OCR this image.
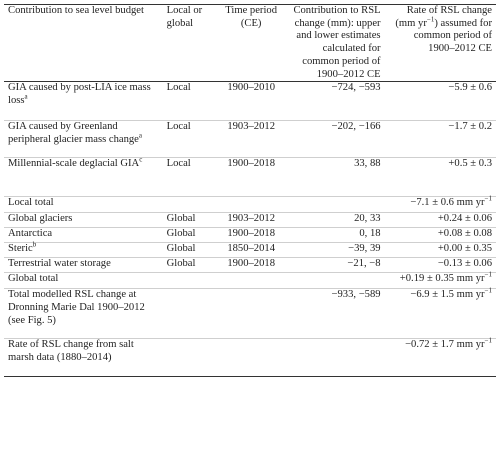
Contribution to sea level budget	Local or global	Time period (CE)	Contribution to RSL change (mm): upper and lower estimates calculated for common period of 1900–2012 CE	Rate of RSL change (mm $yr^{-1}$) assumed for common period of 1900–2012 CE
GIA caused by post-LIA ice mass loss$^a$	Local	1900–2010	−724, −593	−5.9 ± 0.6
GIA caused by Greenland peripheral glacier mass change$^a$	Local	1903–2012	−202, −166	−1.7 ± 0.2
Millennial-scale deglacial GIA$^c$	Local	1900–2018	33, 88	+0.5 ± 0.3
Local total				−7.1 ± 0.6 mm $yr^{-1}$
Global glaciers	Global	1903–2012	20, 33	+0.24 ± 0.06
Antarctica	Global	1900–2018	0, 18	+0.08 ± 0.08
Steric$^b$	Global	1850–2014	−39, 39	+0.00 ± 0.35
Terrestrial water storage	Global	1900–2018	−21, −8	−0.13 ± 0.06
Global total				+0.19 ± 0.35 mm $yr^{-1}$
Total modelled RSL change at Dronning Marie Dal 1900–2012 (see Fig. 5)			−933, −589	−6.9 ± 1.5 mm $yr^{-1}$
Rate of RSL change from salt marsh data (1880–2014)				−0.72 ± 1.7 mm $yr^{-1}$
